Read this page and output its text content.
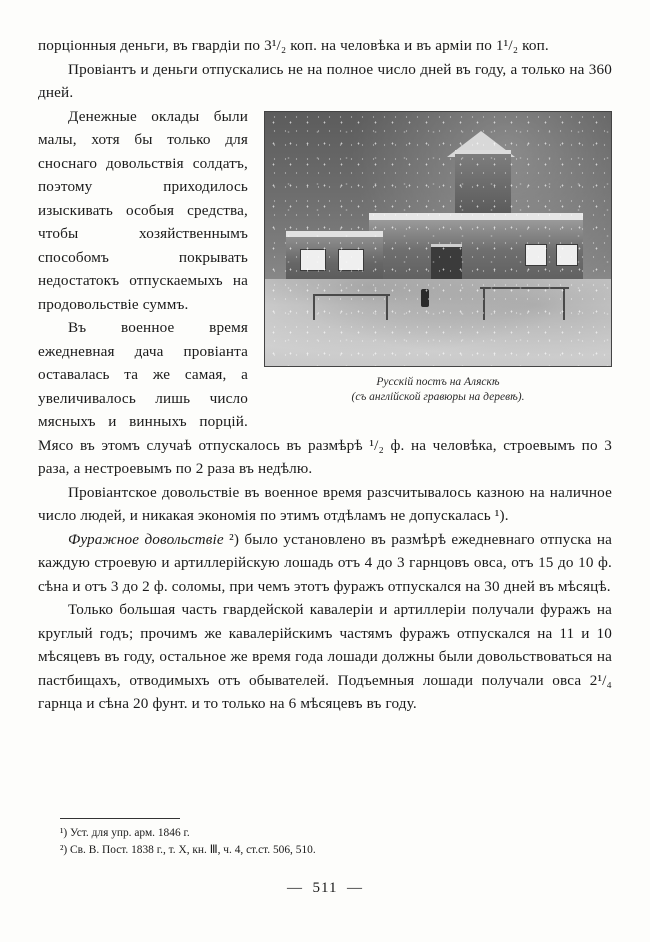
порціонныя деньги, въ гвардіи по 3¹/₂ коп. на человѣка и въ арміи по 1¹/₂ коп.

Провіантъ и деньги отпускались не на полное число дней въ году, а только на 360 дней.

Русскій постъ на Аляскѣ
(съ англійской гравюры на деревѣ).

Денежные оклады были малы, хотя бы только для сноснаго довольствія солдатъ, поэтому приходилось изыскивать особыя средства, чтобы хозяйственнымъ способомъ покрывать недостатокъ отпускаемыхъ на продовольствіе суммъ.

Въ военное время ежедневная дача провіанта оставалась та же самая, а увеличивалось лишь число мясныхъ и винныхъ порцій. Мясо въ этомъ случаѣ отпускалось въ размѣрѣ ¹/₂ ф. на человѣка, строевымъ по 3 раза, а нестроевымъ по 2 раза въ недѣлю.

Провіантское довольствіе въ военное время разсчитывалось казною на наличное число людей, и никакая экономія по этимъ отдѣламъ не допускалась ¹).

Фуражное довольствіе ²) было установлено въ размѣрѣ ежедневнаго отпуска на каждую строевую и артиллерійскую лошадь отъ 4 до 3 гарнцовъ овса, отъ 15 до 10 ф. сѣна и отъ 3 до 2 ф. соломы, при чемъ этотъ фуражъ отпускался на 30 дней въ мѣсяцѣ.

Только большая часть гвардейской кавалеріи и артиллеріи получали фуражъ на круглый годъ; прочимъ же кавалерійскимъ частямъ фуражъ отпускался на 11 и 10 мѣсяцевъ въ году, остальное же время года лошади должны были довольствоваться на пастбищахъ, отводимыхъ отъ обывателей. Подъемныя лошади получали овса 2¹/₄ гарнца и сѣна 20 фунт. и то только на 6 мѣсяцевъ въ году.

¹) Уст. для упр. арм. 1846 г.
²) Св. В. Пост. 1838 г., т. X, кн. Ⅲ, ч. 4, ст.ст. 506, 510.
— 511 —
